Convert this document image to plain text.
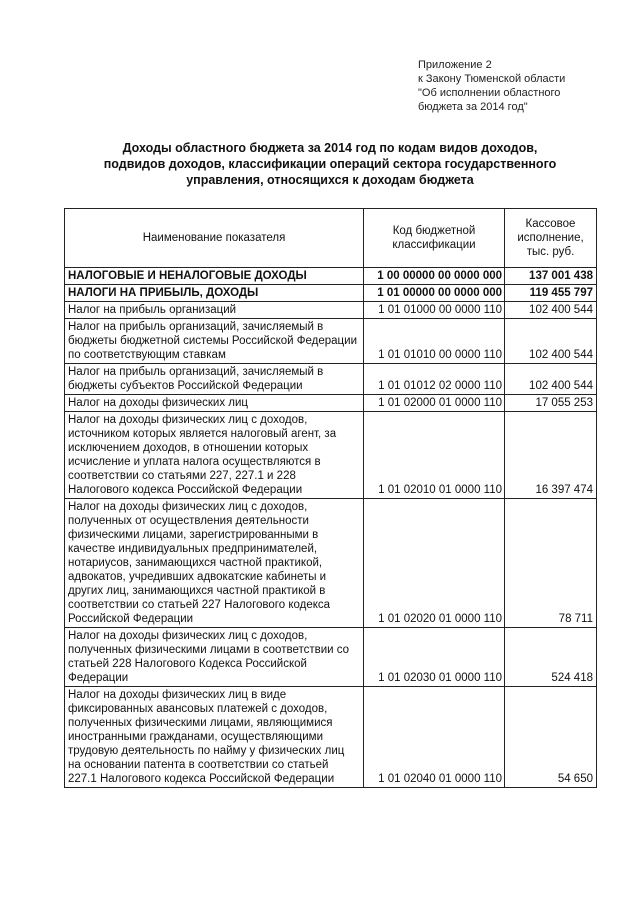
Приложение 2
к Закону Тюменской области
"Об исполнении областного
бюджета за 2014 год"
Доходы областного бюджета за 2014 год по кодам видов доходов,
подвидов доходов, классификации операций сектора государственного
управления, относящихся к доходам бюджета
Наименование показателя	Код бюджетной классификации	Кассовое исполнение, тыс. руб.
НАЛОГОВЫЕ И НЕНАЛОГОВЫЕ ДОХОДЫ	1 00 00000 00 0000 000	137 001 438
НАЛОГИ НА ПРИБЫЛЬ, ДОХОДЫ	1 01 00000 00 0000 000	119 455 797
Налог на прибыль организаций	1 01 01000 00 0000 110	102 400 544
Налог на прибыль организаций, зачисляемый в бюджеты бюджетной системы Российской Федерации по соответствующим ставкам	1 01 01010 00 0000 110	102 400 544
Налог на прибыль организаций, зачисляемый в бюджеты субъектов Российской Федерации	1 01 01012 02 0000 110	102 400 544
Налог на доходы физических лиц	1 01 02000 01 0000 110	17 055 253
Налог на доходы физических лиц с доходов, источником которых является налоговый агент, за исключением доходов, в отношении которых исчисление и уплата налога осуществляются в соответствии со статьями 227, 227.1 и 228 Налогового кодекса Российской Федерации	1 01 02010 01 0000 110	16 397 474
Налог на доходы физических лиц с доходов, полученных от осуществления деятельности физическими лицами, зарегистрированными в качестве индивидуальных предпринимателей, нотариусов, занимающихся частной практикой, адвокатов, учредивших адвокатские кабинеты и других лиц, занимающихся частной практикой в соответствии со статьей 227 Налогового кодекса Российской Федерации	1 01 02020 01 0000 110	78 711
Налог на доходы физических лиц с доходов, полученных физическими лицами в соответствии со статьей 228 Налогового Кодекса Российской Федерации	1 01 02030 01 0000 110	524 418
Налог на доходы физических лиц в виде фиксированных авансовых платежей с доходов, полученных физическими лицами, являющимися иностранными гражданами, осуществляющими трудовую деятельность по найму у физических лиц на основании патента в соответствии со статьей 227.1 Налогового кодекса Российской Федерации	1 01 02040 01 0000 110	54 650
